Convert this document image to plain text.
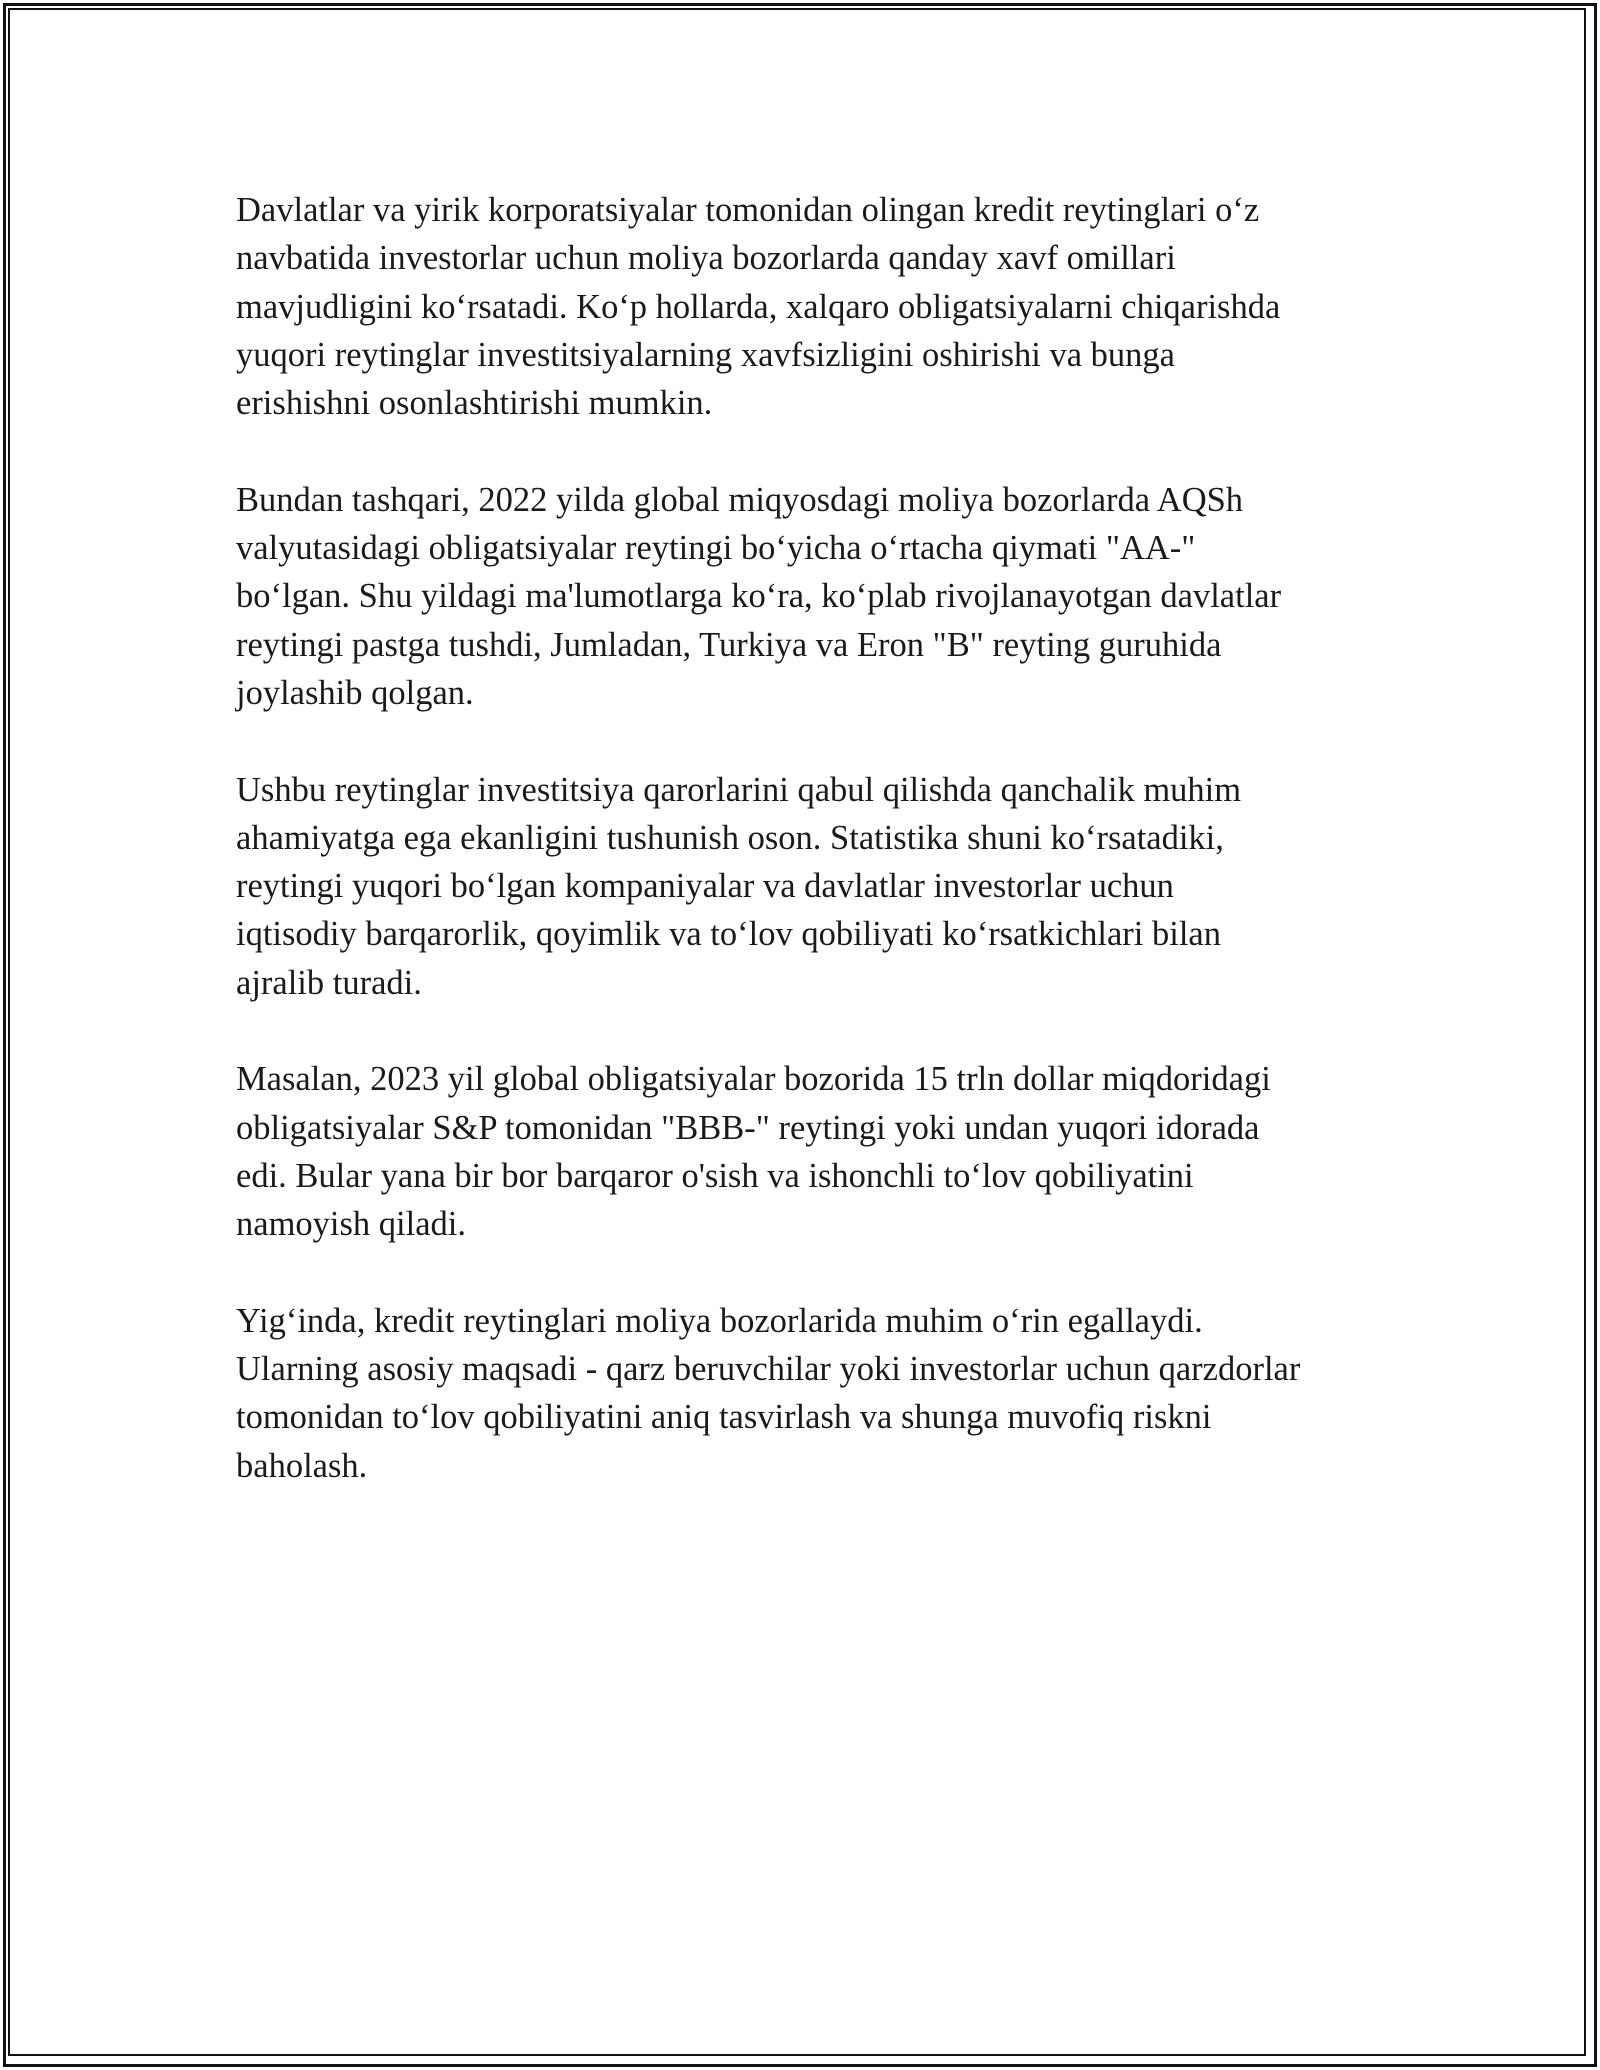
Davlatlar va yirik korporatsiyalar tomonidan olingan kredit reytinglari o‘z
navbatida investorlar uchun moliya bozorlarda qanday xavf omillari
mavjudligini ko‘rsatadi. Ko‘p hollarda, xalqaro obligatsiyalarni chiqarishda
yuqori reytinglar investitsiyalarning xavfsizligini oshirishi va bunga
erishishni osonlashtirishi mumkin.

Bundan tashqari, 2022 yilda global miqyosdagi moliya bozorlarda AQSh
valyutasidagi obligatsiyalar reytingi bo‘yicha o‘rtacha qiymati "AA-"
bo‘lgan. Shu yildagi ma'lumotlarga ko‘ra, ko‘plab rivojlanayotgan davlatlar
reytingi pastga tushdi, Jumladan, Turkiya va Eron "B" reyting guruhida
joylashib qolgan.

Ushbu reytinglar investitsiya qarorlarini qabul qilishda qanchalik muhim
ahamiyatga ega ekanligini tushunish oson. Statistika shuni ko‘rsatadiki,
reytingi yuqori bo‘lgan kompaniyalar va davlatlar investorlar uchun
iqtisodiy barqarorlik, qoyimlik va to‘lov qobiliyati ko‘rsatkichlari bilan
ajralib turadi.

Masalan, 2023 yil global obligatsiyalar bozorida 15 trln dollar miqdoridagi
obligatsiyalar S&P tomonidan "BBB-" reytingi yoki undan yuqori idorada
edi. Bular yana bir bor barqaror o'sish va ishonchli to‘lov qobiliyatini
namoyish qiladi.

Yig‘inda, kredit reytinglari moliya bozorlarida muhim o‘rin egallaydi.
Ularning asosiy maqsadi - qarz beruvchilar yoki investorlar uchun qarzdorlar
tomonidan to‘lov qobiliyatini aniq tasvirlash va shunga muvofiq riskni
baholash.
